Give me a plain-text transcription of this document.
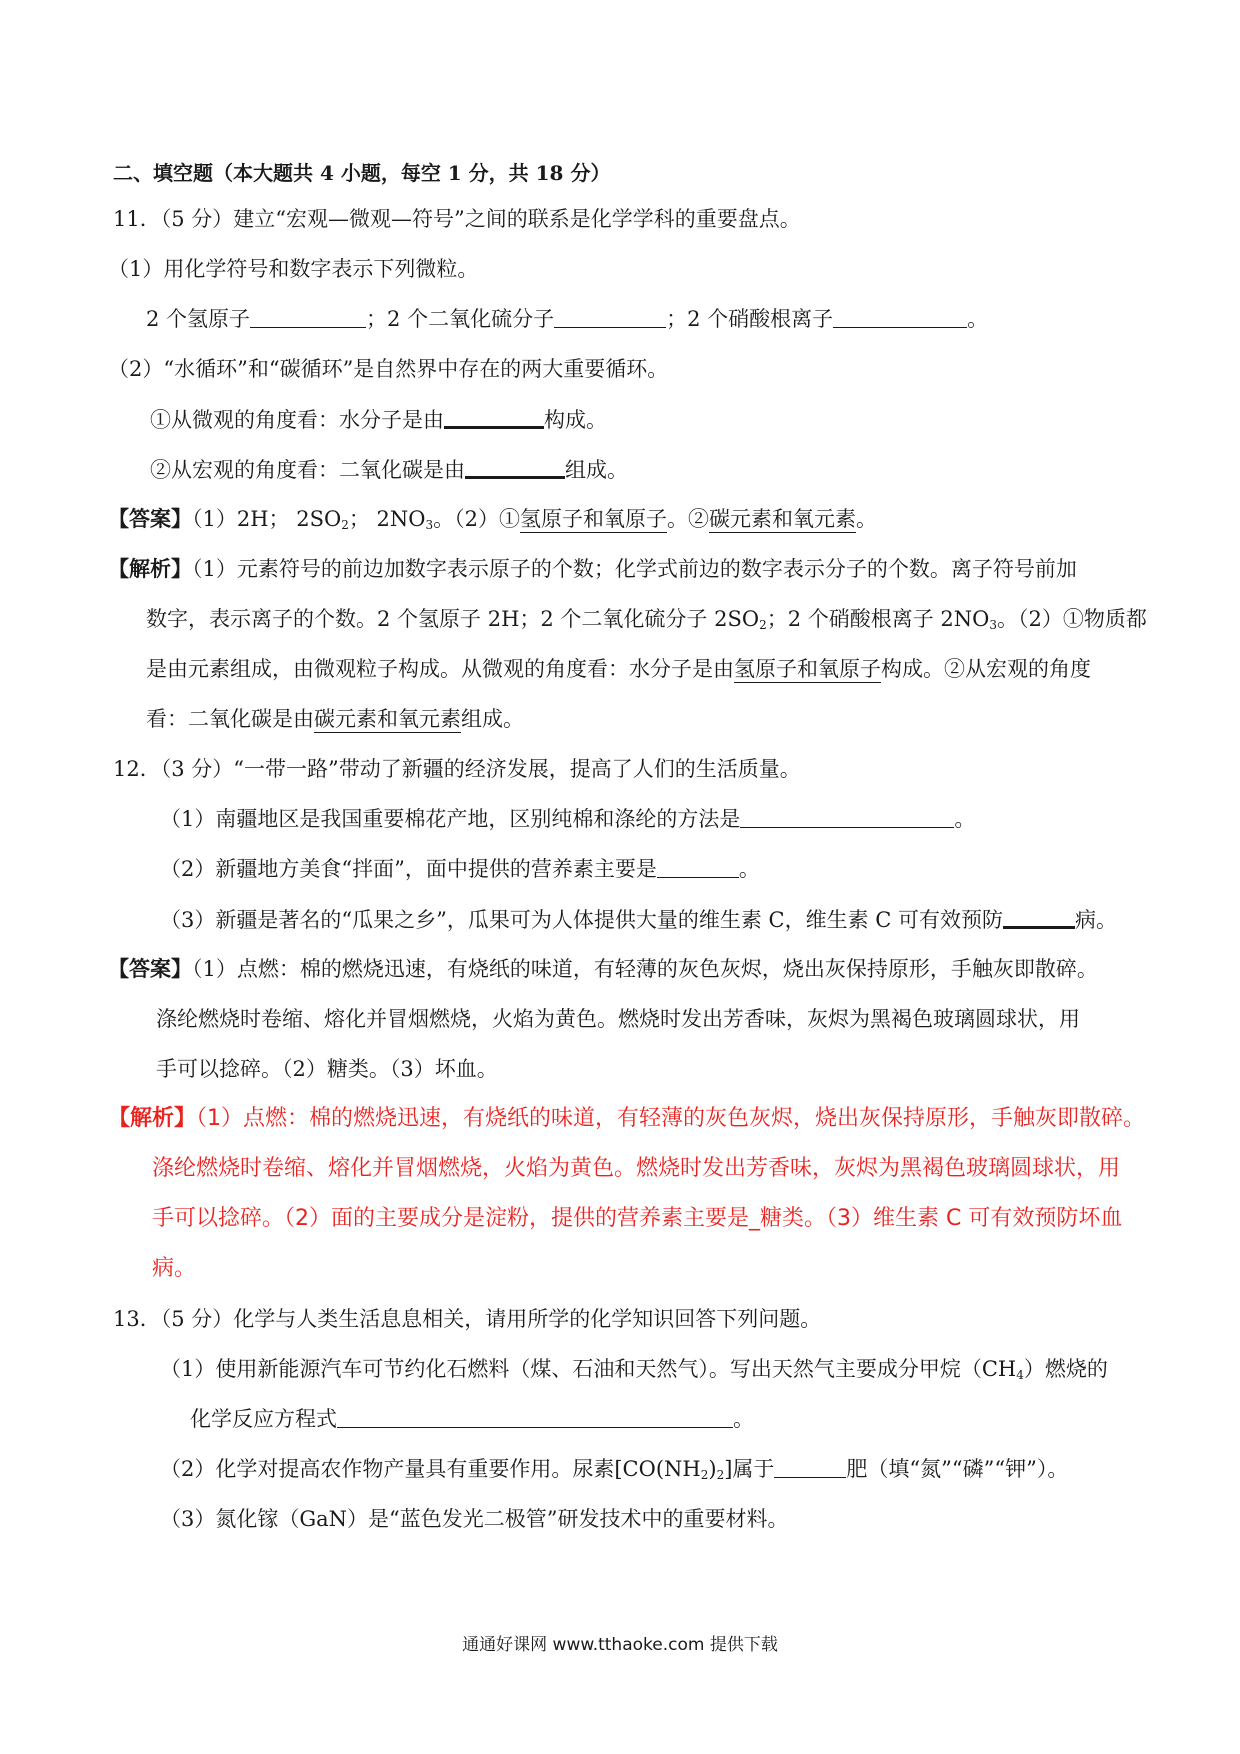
二、填空题（本大题共 4 小题，每空 1 分，共 18 分）
11．（5 分）建立“宏观—微观—符号”之间的联系是化学学科的重要盘点。
（1）用化学符号和数字表示下列微粒。
2 个氢原子	；2 个二氧化硫分子	；2 个硝酸根离子	。
（2）“水循环”和“碳循环”是自然界中存在的两大重要循环。
①从微观的角度看：水分子是由	构成。
②从宏观的角度看：二氧化碳是由	组成。
【答案】（1）2H； $2SO_2$； $2NO_3$。（2）①氢原子和氧原子。②碳元素和氧元素。
【解析】（1）元素符号的前边加数字表示原子的个数；化学式前边的数字表示分子的个数。离子符号前加
数字，表示离子的个数。2 个氢原子 2H；2 个二氧化硫分子 $2SO_2$；2 个硝酸根离子 $2NO_3$。（2）①物质都
是由元素组成，由微观粒子构成。从微观的角度看：水分子是由氢原子和氧原子构成。②从宏观的角度
看：二氧化碳是由碳元素和氧元素组成。
12．（3 分）“一带一路”带动了新疆的经济发展，提高了人们的生活质量。
（1）南疆地区是我国重要棉花产地，区别纯棉和涤纶的方法是	。
（2）新疆地方美食“拌面”，面中提供的营养素主要是	。
（3）新疆是著名的“瓜果之乡”，瓜果可为人体提供大量的维生素 C，维生素 C 可有效预防	病。
【答案】（1）点燃：棉的燃烧迅速，有烧纸的味道，有轻薄的灰色灰烬，烧出灰保持原形，手触灰即散碎。
涤纶燃烧时卷缩、熔化并冒烟燃烧，火焰为黄色。燃烧时发出芳香味，灰烬为黑褐色玻璃圆球状，用
手可以捻碎。（2）糖类。（3）坏血。
【解析】（1）点燃：棉的燃烧迅速，有烧纸的味道，有轻薄的灰色灰烬，烧出灰保持原形，手触灰即散碎。
涤纶燃烧时卷缩、熔化并冒烟燃烧，火焰为黄色。燃烧时发出芳香味，灰烬为黑褐色玻璃圆球状，用
手可以捻碎。（2）面的主要成分是淀粉，提供的营养素主要是_糖类。（3）维生素 C 可有效预防坏血
病。
13．（5 分）化学与人类生活息息相关，请用所学的化学知识回答下列问题。
（1）使用新能源汽车可节约化石燃料（煤、石油和天然气）。写出天然气主要成分甲烷$(CH_4)$燃烧的
化学反应方程式	。
（2）化学对提高农作物产量具有重要作用。尿素$[CO(NH_2)_2]$属于	肥（填“氮”“磷”“钾”）。
（3）氮化镓（GaN）是“蓝色发光二极管”研发技术中的重要材料。
通通好课网 www.tthaoke.com 提供下载
